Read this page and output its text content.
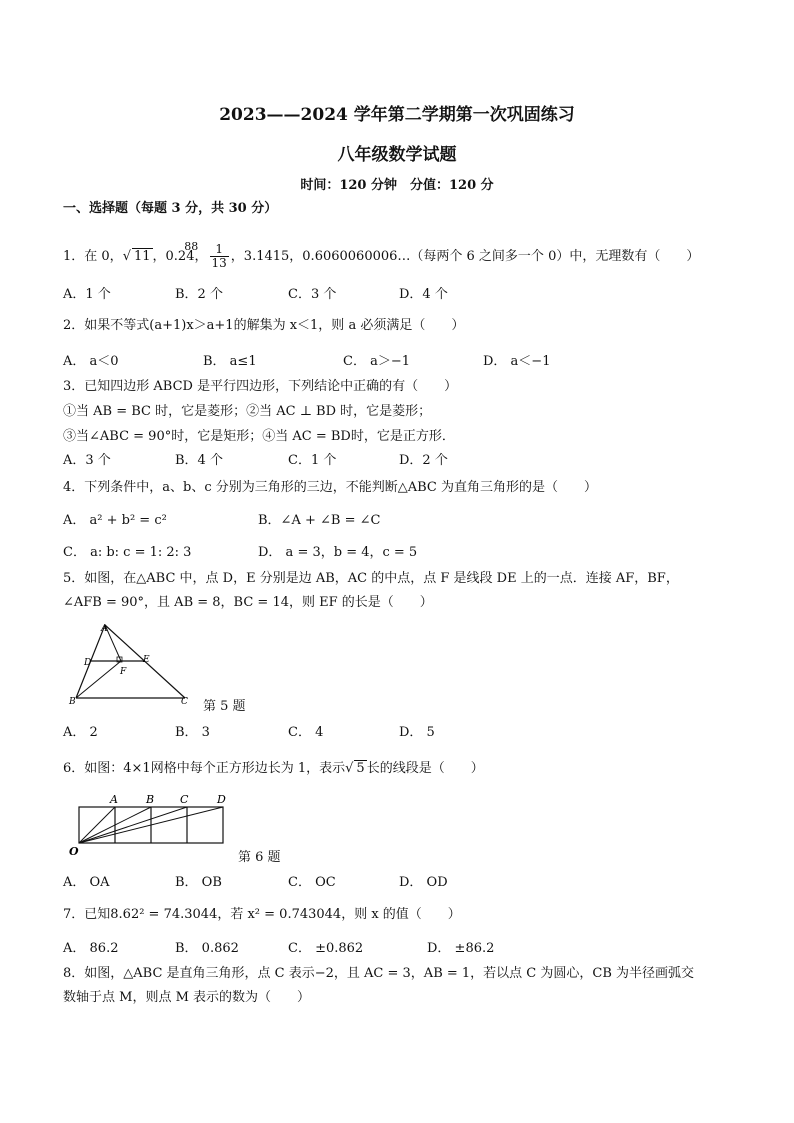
2023——2024 学年第二学期第一次巩固练习
八年级数学试题
时间：120 分钟　分值：120 分
一、选择题（每题 3 分，共 30 分）
1．在 0，√ 11 ，0.24
88
， $\frac{1}{13}$ ，3.1415，0.6060060006…（每两个 6 之间多一个 0）中，无理数有（　　）
A．1 个	B．2 个	C．3 个	D．4 个
2．如果不等式(a+1)x＞a+1的解集为 x＜1，则 a 必须满足（　　）
A． a＜0	B． a≤1	C． a＞−1	D． a＜−1
3．已知四边形 ABCD 是平行四边形，下列结论中正确的有（　　）
①当 AB = BC 时，它是菱形；②当 AC ⊥ BD 时，它是菱形；
③当∠ABC = 90°时，它是矩形；④当 AC = BD时，它是正方形．
A．3 个	B．4 个	C．1 个	D．2 个
4．下列条件中，a、b、c 分别为三角形的三边，不能判断△ABC 为直角三角形的是（　　）
A． a² + b² = c²	B．∠A + ∠B = ∠C
C． a: b: c = 1: 2: 3	D． a = 3，b = 4，c = 5
5．如图，在△ABC 中，点 D，E 分别是边 AB，AC 的中点，点 F 是线段 DE 上的一点．连接 AF，BF，
∠AFB = 90°，且 AB = 8，BC = 14，则 EF 的长是（　　）
A
D	E
F
B	C 第 5 题
A． 2	B． 3	C． 4	D． 5
6．如图：4×1网格中每个正方形边长为 1，表示√ 5 长的线段是（　　）
A	B C	D
O	第 6 题
A． OA	B． OB	C． OC	D． OD
7．已知8.62² = 74.3044，若 x² = 0.743044，则 x 的值（　　）
A． 86.2	B． 0.862	C． ±0.862	D． ±86.2
8．如图，△ABC 是直角三角形，点 C 表示−2，且 AC = 3，AB = 1，若以点 C 为圆心，CB 为半径画弧交
数轴于点 M，则点 M 表示的数为（　　）
